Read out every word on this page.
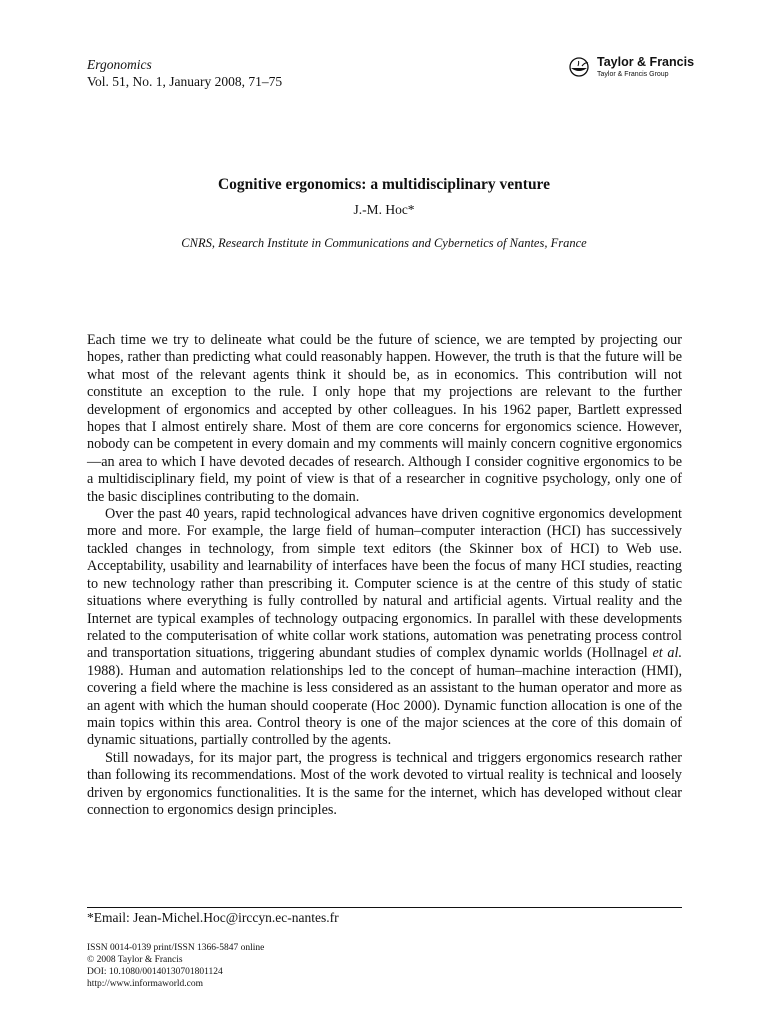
Ergonomics
Vol. 51, No. 1, January 2008, 71–75
Taylor & Francis
Taylor & Francis Group
Cognitive ergonomics: a multidisciplinary venture
J.-M. Hoc*
CNRS, Research Institute in Communications and Cybernetics of Nantes, France

Each time we try to delineate what could be the future of science, we are tempted by projecting our hopes, rather than predicting what could reasonably happen. However, the truth is that the future will be what most of the relevant agents think it should be, as in economics. This contribution will not constitute an exception to the rule. I only hope that my projections are relevant to the further development of ergonomics and accepted by other colleagues. In his 1962 paper, Bartlett expressed hopes that I almost entirely share. Most of them are core concerns for ergonomics science. However, nobody can be competent in every domain and my comments will mainly concern cognitive ergonomics—an area to which I have devoted decades of research. Although I consider cognitive ergonomics to be a multidisciplinary field, my point of view is that of a researcher in cognitive psychology, only one of the basic disciplines contributing to the domain.

Over the past 40 years, rapid technological advances have driven cognitive ergonomics development more and more. For example, the large field of human–computer interaction (HCI) has successively tackled changes in technology, from simple text editors (the Skinner box of HCI) to Web use. Acceptability, usability and learnability of interfaces have been the focus of many HCI studies, reacting to new technology rather than prescribing it. Computer science is at the centre of this study of static situations where everything is fully controlled by natural and artificial agents. Virtual reality and the Internet are typical examples of technology outpacing ergonomics. In parallel with these developments related to the computerisation of white collar work stations, automation was penetrating process control and transportation situations, triggering abundant studies of complex dynamic worlds (Hollnagel et al. 1988). Human and automation relationships led to the concept of human–machine interaction (HMI), covering a field where the machine is less considered as an assistant to the human operator and more as an agent with which the human should cooperate (Hoc 2000). Dynamic function allocation is one of the main topics within this area. Control theory is one of the major sciences at the core of this domain of dynamic situations, partially controlled by the agents.

Still nowadays, for its major part, the progress is technical and triggers ergonomics research rather than following its recommendations. Most of the work devoted to virtual reality is technical and loosely driven by ergonomics functionalities. It is the same for the internet, which has developed without clear connection to ergonomics design principles.

*Email: Jean-Michel.Hoc@irccyn.ec-nantes.fr
ISSN 0014-0139 print/ISSN 1366-5847 online
© 2008 Taylor & Francis
DOI: 10.1080/00140130701801124
http://www.informaworld.com
